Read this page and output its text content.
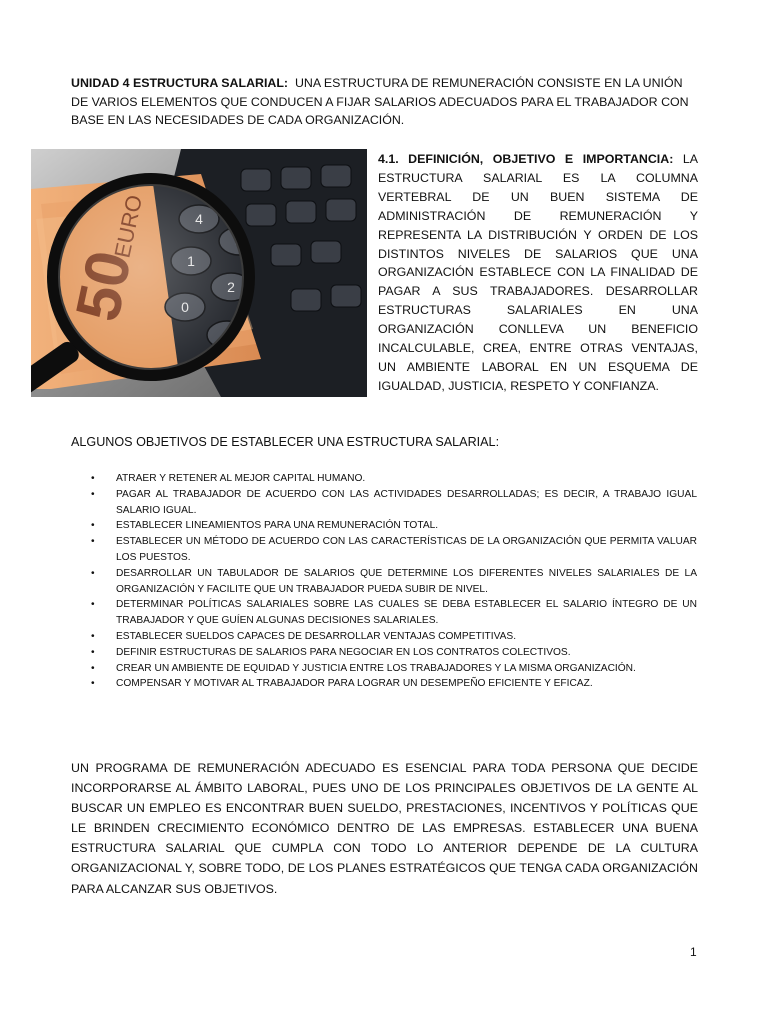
UNIDAD 4 ESTRUCTURA SALARIAL: UNA ESTRUCTURA DE REMUNERACIÓN CONSISTE EN LA UNIÓN DE VARIOS ELEMENTOS QUE CONDUCEN A FIJAR SALARIOS ADECUADOS PARA EL TRABAJADOR CON BASE EN LAS NECESIDADES DE CADA ORGANIZACIÓN.

4.1. DEFINICIÓN, OBJETIVO E IMPORTANCIA: LA ESTRUCTURA SALARIAL ES LA COLUMNA VERTEBRAL DE UN BUEN SISTEMA DE ADMINISTRACIÓN DE REMUNERACIÓN Y REPRESENTA LA DISTRIBUCIÓN Y ORDEN DE LOS DISTINTOS NIVELES DE SALARIOS QUE UNA ORGANIZACIÓN ESTABLECE CON LA FINALIDAD DE PAGAR A SUS TRABAJADORES. DESARROLLAR ESTRUCTURAS SALARIALES EN UNA ORGANIZACIÓN CONLLEVA UN BENEFICIO INCALCULABLE, CREA, ENTRE OTRAS VENTAJAS, UN AMBIENTE LABORAL EN UN ESQUEMA DE IGUALDAD, JUSTICIA, RESPETO Y CONFIANZA.

ALGUNOS OBJETIVOS DE ESTABLECER UNA ESTRUCTURA SALARIAL:
• ATRAER Y RETENER AL MEJOR CAPITAL HUMANO.
• PAGAR AL TRABAJADOR DE ACUERDO CON LAS ACTIVIDADES DESARROLLADAS; ES DECIR, A TRABAJO IGUAL SALARIO IGUAL.
• ESTABLECER LINEAMIENTOS PARA UNA REMUNERACIÓN TOTAL.
• ESTABLECER UN MÉTODO DE ACUERDO CON LAS CARACTERÍSTICAS DE LA ORGANIZACIÓN QUE PERMITA VALUAR LOS PUESTOS.
• DESARROLLAR UN TABULADOR DE SALARIOS QUE DETERMINE LOS DIFERENTES NIVELES SALARIALES DE LA ORGANIZACIÓN Y FACILITE QUE UN TRABAJADOR PUEDA SUBIR DE NIVEL.
• DETERMINAR POLÍTICAS SALARIALES SOBRE LAS CUALES SE DEBA ESTABLECER EL SALARIO ÍNTEGRO DE UN TRABAJADOR Y QUE GUÍEN ALGUNAS DECISIONES SALARIALES.
• ESTABLECER SUELDOS CAPACES DE DESARROLLAR VENTAJAS COMPETITIVAS.
• DEFINIR ESTRUCTURAS DE SALARIOS PARA NEGOCIAR EN LOS CONTRATOS COLECTIVOS.
• CREAR UN AMBIENTE DE EQUIDAD Y JUSTICIA ENTRE LOS TRABAJADORES Y LA MISMA ORGANIZACIÓN.
• COMPENSAR Y MOTIVAR AL TRABAJADOR PARA LOGRAR UN DESEMPEÑO EFICIENTE Y EFICAZ.

UN PROGRAMA DE REMUNERACIÓN ADECUADO ES ESENCIAL PARA TODA PERSONA QUE DECIDE INCORPORARSE AL ÁMBITO LABORAL, PUES UNO DE LOS PRINCIPALES OBJETIVOS DE LA GENTE AL BUSCAR UN EMPLEO ES ENCONTRAR BUEN SUELDO, PRESTACIONES, INCENTIVOS Y POLÍTICAS QUE LE BRINDEN CRECIMIENTO ECONÓMICO DENTRO DE LAS EMPRESAS. ESTABLECER UNA BUENA ESTRUCTURA SALARIAL QUE CUMPLA CON TODO LO ANTERIOR DEPENDE DE LA CULTURA ORGANIZACIONAL Y, SOBRE TODO, DE LOS PLANES ESTRATÉGICOS QUE TENGA CADA ORGANIZACIÓN PARA ALCANZAR SUS OBJETIVOS.

1
